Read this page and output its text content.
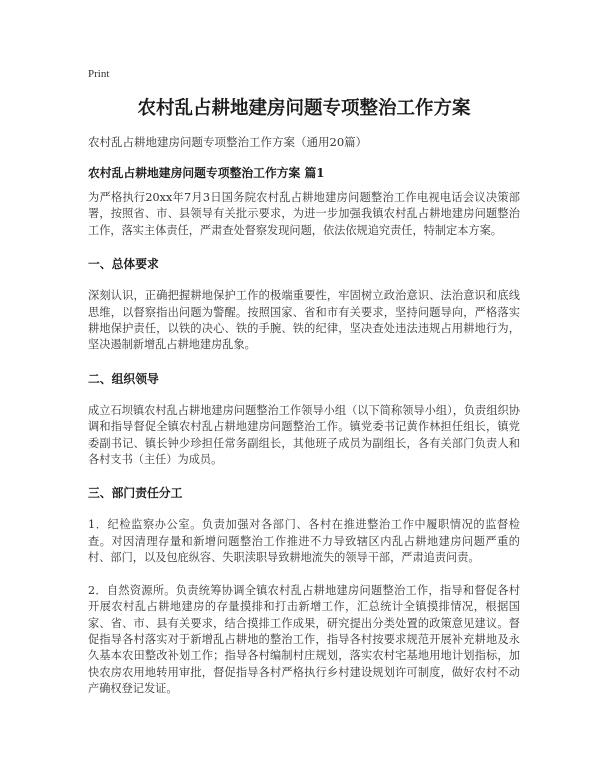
Print
农村乱占耕地建房问题专项整治工作方案
农村乱占耕地建房问题专项整治工作方案（通用20篇）
农村乱占耕地建房问题专项整治工作方案 篇1

为严格执行20xx年7月3日国务院农村乱占耕地建房问题整治工作电视电话会议决策部署，按照省、市、县领导有关批示要求，为进一步加强我镇农村乱占耕地建房问题整治工作，落实主体责任，严肃查处督察发现问题，依法依规追究责任，特制定本方案。

一、总体要求

深刻认识，正确把握耕地保护工作的极端重要性，牢固树立政治意识、法治意识和底线思维，以督察指出问题为警醒。按照国家、省和市有关要求，坚持问题导向，严格落实耕地保护责任，以铁的决心、铁的手腕、铁的纪律，坚决查处违法违规占用耕地行为，坚决遏制新增乱占耕地建房乱象。

二、组织领导

成立石坝镇农村乱占耕地建房问题整治工作领导小组（以下简称领导小组），负责组织协调和指导督促全镇农村乱占耕地建房问题整治工作。镇党委书记黄作林担任组长，镇党委副书记、镇长钟少珍担任常务副组长，其他班子成员为副组长，各有关部门负责人和各村支书（主任）为成员。

三、部门责任分工

1．纪检监察办公室。负责加强对各部门、各村在推进整治工作中履职情况的监督检查。对因清理存量和新增问题整治工作推进不力导致辖区内乱占耕地建房问题严重的村、部门，以及包庇纵容、失职渎职导致耕地流失的领导干部，严肃追责问责。

2．自然资源所。负责统筹协调全镇农村乱占耕地建房问题整治工作，指导和督促各村开展农村乱占耕地建房的存量摸排和打击新增工作，汇总统计全镇摸排情况，根据国家、省、市、县有关要求，结合摸排工作成果，研究提出分类处置的政策意见建议。督促指导各村落实对于新增乱占耕地的整治工作，指导各村按要求规范开展补充耕地及永久基本农田整改补划工作；指导各村编制村庄规划，落实农村宅基地用地计划指标，加快农房农用地转用审批，督促指导各村严格执行乡村建设规划许可制度，做好农村不动产确权登记发证。
